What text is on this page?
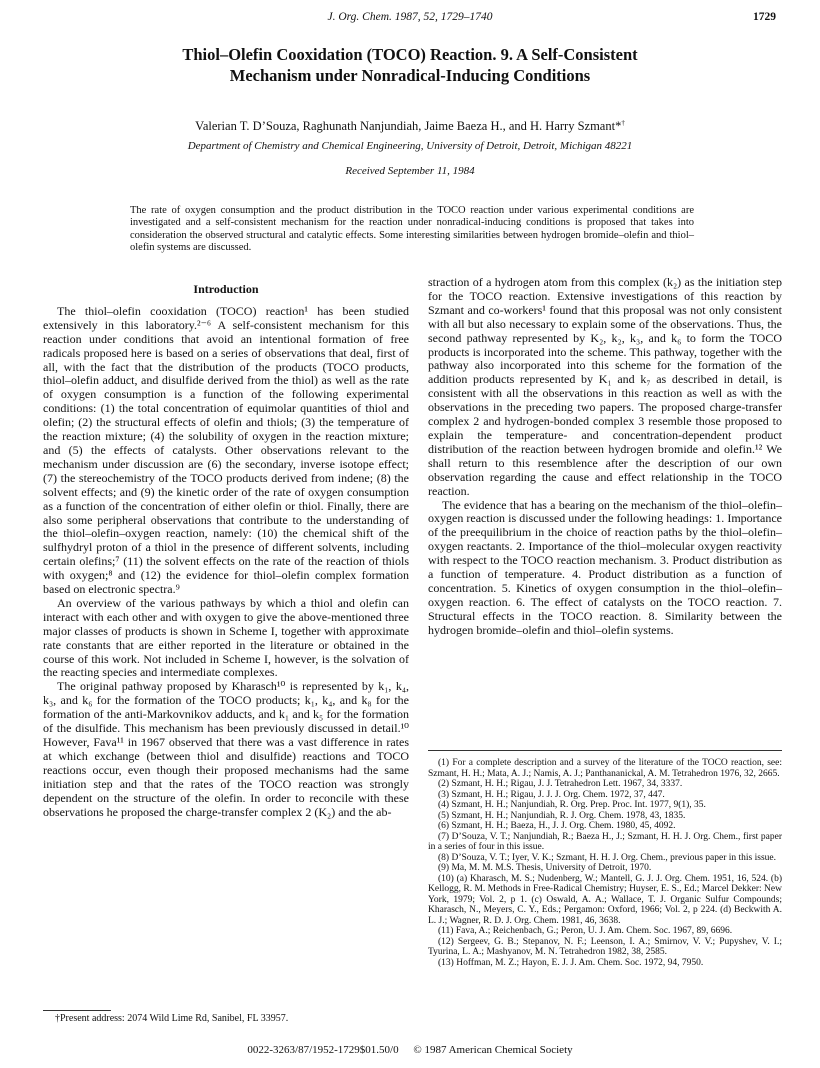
J. Org. Chem. 1987, 52, 1729–1740	1729
Thiol–Olefin Cooxidation (TOCO) Reaction. 9. A Self-Consistent
Mechanism under Nonradical-Inducing Conditions
Valerian T. D’Souza, Raghunath Nanjundiah, Jaime Baeza H., and H. Harry Szmant*†
Department of Chemistry and Chemical Engineering, University of Detroit, Detroit, Michigan 48221
Received September 11, 1984
The rate of oxygen consumption and the product distribution in the TOCO reaction under various experimental conditions are investigated and a self-consistent mechanism for the reaction under nonradical-inducing conditions is proposed that takes into consideration the observed structural and catalytic effects. Some interesting similarities between hydrogen bromide–olefin and thiol–olefin systems are discussed.
Introduction

The thiol–olefin cooxidation (TOCO) reaction¹ has been studied extensively in this laboratory.²⁻⁶ A self-consistent mechanism for this reaction under conditions that avoid an intentional formation of free radicals proposed here is based on a series of observations that deal, first of all, with the fact that the distribution of the products (TOCO products, thiol–olefin adduct, and disulfide derived from the thiol) as well as the rate of oxygen consumption is a function of the following experimental conditions: (1) the total concentration of equimolar quantities of thiol and olefin; (2) the structural effects of olefin and thiols; (3) the temperature of the reaction mixture; (4) the solubility of oxygen in the reaction mixture; and (5) the effects of catalysts. Other observations relevant to the mechanism under discussion are (6) the secondary, inverse isotope effect; (7) the stereochemistry of the TOCO products derived from indene; (8) the solvent effects; and (9) the kinetic order of the rate of oxygen consumption as a function of the concentration of either olefin or thiol. Finally, there are also some peripheral observations that contribute to the understanding of the thiol–olefin–oxygen reaction, namely: (10) the chemical shift of the sulfhydryl proton of a thiol in the presence of different solvents, including certain olefins;⁷ (11) the solvent effects on the rate of the reaction of thiols with oxygen;⁸ and (12) the evidence for thiol–olefin complex formation based on electronic spectra.⁹

An overview of the various pathways by which a thiol and olefin can interact with each other and with oxygen to give the above-mentioned three major classes of products is shown in Scheme I, together with approximate rate constants that are either reported in the literature or obtained in the course of this work. Not included in Scheme I, however, is the solvation of the reacting species and intermediate complexes.

The original pathway proposed by Kharasch¹⁰ is represented by k₁, k₄, k₃, and k₆ for the formation of the TOCO products; k₁, k₄, and k₈ for the formation of the anti-Markovnikov adducts, and k₁ and k₅ for the formation of the disulfide. This mechanism has been previously discussed in detail.¹⁰ However, Fava¹¹ in 1967 observed that there was a vast difference in rates at which exchange (between thiol and disulfide) reactions and TOCO reactions occur, even though their proposed mechanisms had the same initiation step and that the rates of the TOCO reaction was strongly dependent on the structure of the olefin. In order to reconcile with these observations he proposed the charge-transfer complex 2 (K₂) and the ab-

straction of a hydrogen atom from this complex (k₂) as the initiation step for the TOCO reaction. Extensive investigations of this reaction by Szmant and co-workers¹ found that this proposal was not only consistent with all but also necessary to explain some of the observations. Thus, the second pathway represented by K₂, k₂, k₃, and k₆ to form the TOCO products is incorporated into the scheme. This pathway, together with the pathway also incorporated into this scheme for the formation of the addition products represented by K₁ and k₇ as described in detail, is consistent with all the observations in this reaction as well as with the observations in the preceding two papers. The proposed charge-transfer complex 2 and hydrogen-bonded complex 3 resemble those proposed to explain the temperature- and concentration-dependent product distribution of the reaction between hydrogen bromide and olefin.¹² We shall return to this resemblence after the description of our own observation regarding the cause and effect relationship in the TOCO reaction.

The evidence that has a bearing on the mechanism of the thiol–olefin–oxygen reaction is discussed under the following headings: 1. Importance of the preequilibrium in the choice of reaction paths by the thiol–olefin–oxygen reactants. 2. Importance of the thiol–molecular oxygen reactivity with respect to the TOCO reaction mechanism. 3. Product distribution as a function of temperature. 4. Product distribution as a function of concentration. 5. Kinetics of oxygen consumption in the thiol–olefin–oxygen reaction. 6. The effect of catalysts on the TOCO reaction. 7. Structural effects in the TOCO reaction. 8. Similarity between the hydrogen bromide–olefin and thiol–olefin systems.

(1) For a complete description and a survey of the literature of the TOCO reaction, see: Szmant, H. H.; Mata, A. J.; Namis, A. J.; Panthananickal, A. M. Tetrahedron 1976, 32, 2665.
(2) Szmant, H. H.; Rigau, J. J. Tetrahedron Lett. 1967, 34, 3337.
(3) Szmant, H. H.; Rigau, J. J. J. Org. Chem. 1972, 37, 447.
(4) Szmant, H. H.; Nanjundiah, R. Org. Prep. Proc. Int. 1977, 9(1), 35.
(5) Szmant, H. H.; Nanjundiah, R. J. Org. Chem. 1978, 43, 1835.
(6) Szmant, H. H.; Baeza, H., J. J. Org. Chem. 1980, 45, 4092.
(7) D’Souza, V. T.; Nanjundiah, R.; Baeza H., J.; Szmant, H. H. J. Org. Chem., first paper in a series of four in this issue.
(8) D’Souza, V. T.; Iyer, V. K.; Szmant, H. H. J. Org. Chem., previous paper in this issue.
(9) Ma, M. M. M.S. Thesis, University of Detroit, 1970.
(10) (a) Kharasch, M. S.; Nudenberg, W.; Mantell, G. J. J. Org. Chem. 1951, 16, 524. (b) Kellogg, R. M. Methods in Free-Radical Chemistry; Huyser, E. S., Ed.; Marcel Dekker: New York, 1979; Vol. 2, p 1. (c) Oswald, A. A.; Wallace, T. J. Organic Sulfur Compounds; Kharasch, N., Meyers, C. Y., Eds.; Pergamon: Oxford, 1966; Vol. 2, p 224. (d) Beckwith A. L. J.; Wagner, R. D. J. Org. Chem. 1981, 46, 3638.
(11) Fava, A.; Reichenbach, G.; Peron, U. J. Am. Chem. Soc. 1967, 89, 6696.
(12) Sergeev, G. B.; Stepanov, N. F.; Leenson, I. A.; Smirnov, V. V.; Pupyshev, V. I.; Tyurina, L. A.; Mashyanov, M. N. Tetrahedron 1982, 38, 2585.
(13) Hoffman, M. Z.; Hayon, E. J. J. Am. Chem. Soc. 1972, 94, 7950.
†Present address: 2074 Wild Lime Rd, Sanibel, FL 33957.
0022-3263/87/1952-1729$01.50/0 © 1987 American Chemical Society
